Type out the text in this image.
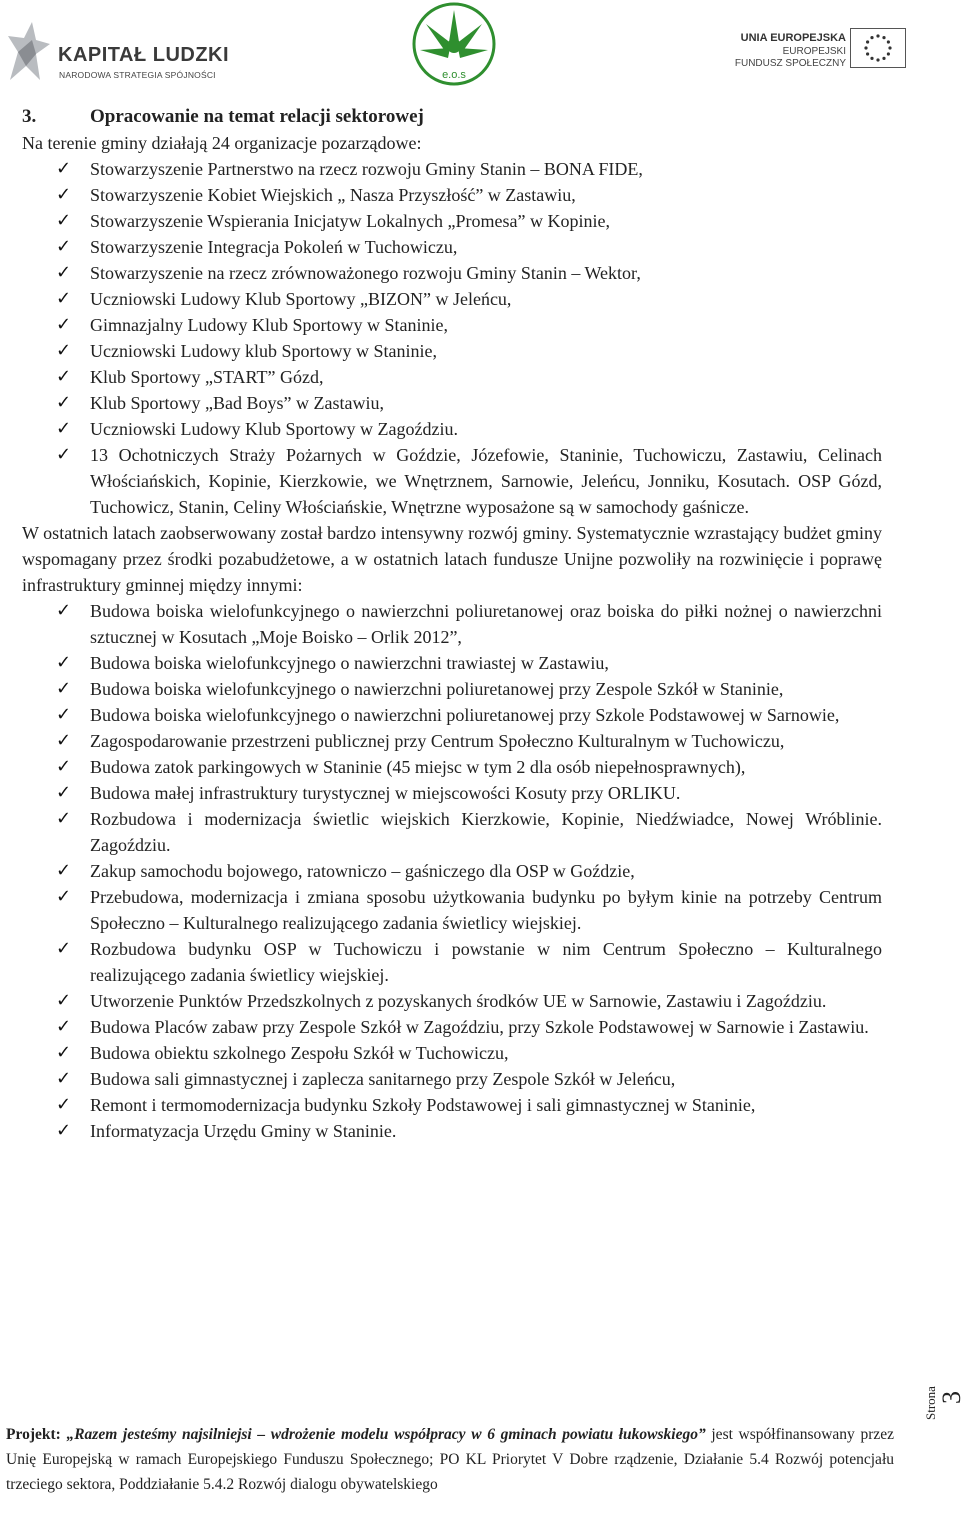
KAPITAŁ LUDZKI
NARODOWA STRATEGIA SPÓJNOŚCI	e.o.s
UNIA EUROPEJSKA
EUROPEJSKI
FUNDUSZ SPOŁECZNY
3.	Opracowanie na temat relacji sektorowej
Na terenie gminy działają 24 organizacje pozarządowe:
✓ Stowarzyszenie Partnerstwo na rzecz rozwoju Gminy Stanin – BONA FIDE,
✓ Stowarzyszenie Kobiet Wiejskich „ Nasza Przyszłość” w Zastawiu,
✓ Stowarzyszenie Wspierania Inicjatyw Lokalnych „Promesa” w Kopinie,
✓ Stowarzyszenie Integracja Pokoleń w Tuchowiczu,
✓ Stowarzyszenie na rzecz zrównoważonego rozwoju Gminy Stanin – Wektor,
✓ Uczniowski Ludowy Klub Sportowy „BIZON” w Jeleńcu,
✓ Gimnazjalny Ludowy Klub Sportowy w Staninie,
✓ Uczniowski Ludowy klub Sportowy w Staninie,
✓ Klub Sportowy „START” Gózd,
✓ Klub Sportowy „Bad Boys” w Zastawiu,
✓ Uczniowski Ludowy Klub Sportowy w Zagoździu.
✓ 13 Ochotniczych Straży Pożarnych w Goździe, Józefowie, Staninie, Tuchowiczu, Zastawiu, Celinach Włościańskich, Kopinie, Kierzkowie, we Wnętrznem, Sarnowie, Jeleńcu, Jonniku, Kosutach. OSP Gózd, Tuchowicz, Stanin, Celiny Włościańskie, Wnętrzne wyposażone są w samochody gaśnicze.
W ostatnich latach zaobserwowany został bardzo intensywny rozwój gminy. Systematycznie wzrastający budżet gminy wspomagany przez środki pozabudżetowe, a w ostatnich latach fundusze Unijne pozwoliły na rozwinięcie i poprawę infrastruktury gminnej między innymi:
✓ Budowa boiska wielofunkcyjnego o nawierzchni poliuretanowej oraz boiska do piłki nożnej o nawierzchni sztucznej w Kosutach „Moje Boisko – Orlik 2012”,
✓ Budowa boiska wielofunkcyjnego o nawierzchni trawiastej w Zastawiu,
✓ Budowa boiska wielofunkcyjnego o nawierzchni poliuretanowej przy Zespole Szkół w Staninie,
✓ Budowa boiska wielofunkcyjnego o nawierzchni poliuretanowej przy Szkole Podstawowej w Sarnowie,
✓ Zagospodarowanie przestrzeni publicznej przy Centrum Społeczno Kulturalnym w Tuchowiczu,
✓ Budowa zatok parkingowych w Staninie (45 miejsc w tym 2 dla osób niepełnosprawnych),
✓ Budowa małej infrastruktury turystycznej w miejscowości Kosuty przy ORLIKU.
✓ Rozbudowa i modernizacja świetlic wiejskich Kierzkowie, Kopinie, Niedźwiadce, Nowej Wróblinie. Zagoździu.
✓ Zakup samochodu bojowego, ratowniczo – gaśniczego dla OSP w Goździe,
✓ Przebudowa, modernizacja i zmiana sposobu użytkowania budynku po byłym kinie na potrzeby Centrum Społeczno – Kulturalnego realizującego zadania świetlicy wiejskiej.
✓ Rozbudowa budynku OSP w Tuchowiczu i powstanie w nim Centrum Społeczno – Kulturalnego realizującego zadania świetlicy wiejskiej.
✓ Utworzenie Punktów Przedszkolnych z pozyskanych środków UE w Sarnowie, Zastawiu i Zagoździu.
✓ Budowa Placów zabaw przy Zespole Szkół w Zagoździu, przy Szkole Podstawowej w Sarnowie i Zastawiu.
✓ Budowa obiektu szkolnego Zespołu Szkół w Tuchowiczu,
✓ Budowa sali gimnastycznej i zaplecza sanitarnego przy Zespole Szkół w Jeleńcu,
✓ Remont i termomodernizacja budynku Szkoły Podstawowej i sali gimnastycznej w Staninie,
✓ Informatyzacja Urzędu Gminy w Staninie.
Strona 3
Projekt: „Razem jesteśmy najsilniejsi – wdrożenie modelu współpracy w 6 gminach powiatu łukowskiego” jest współfinansowany przez Unię Europejską w ramach Europejskiego Funduszu Społecznego; PO KL Priorytet V Dobre rządzenie, Działanie 5.4 Rozwój potencjału trzeciego sektora, Poddziałanie 5.4.2 Rozwój dialogu obywatelskiego
